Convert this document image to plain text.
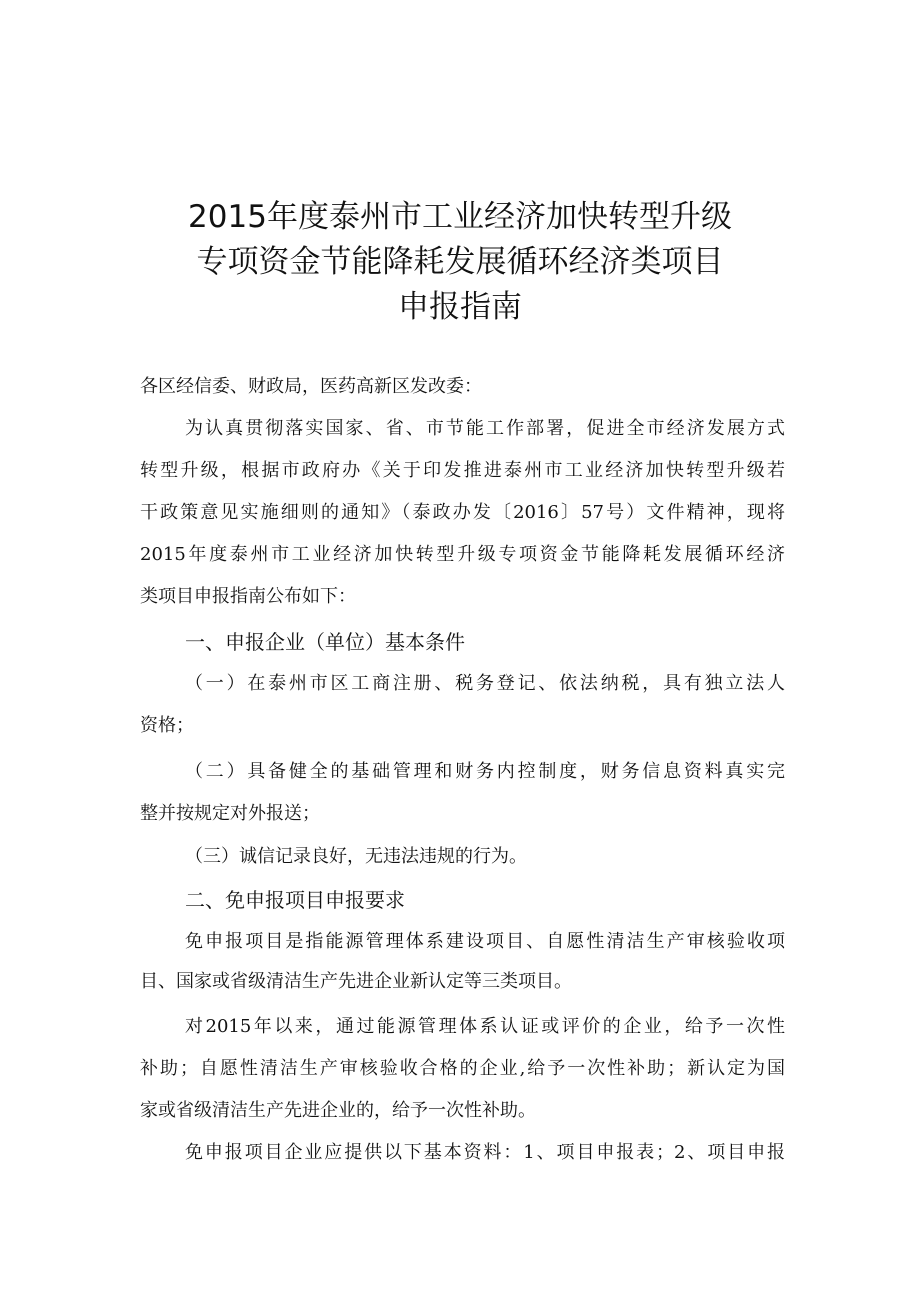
2015年度泰州市工业经济加快转型升级
专项资金节能降耗发展循环经济类项目
申报指南
各区经信委、财政局，医药高新区发改委：
为认真贯彻落实国家、省、市节能工作部署，促进全市经济发展方式
转型升级，根据市政府办《关于印发推进泰州市工业经济加快转型升级若
干政策意见实施细则的通知》（泰政办发〔2016〕57号）文件精神，现将
2015年度泰州市工业经济加快转型升级专项资金节能降耗发展循环经济
类项目申报指南公布如下：
一、申报企业（单位）基本条件
（一）在泰州市区工商注册、税务登记、依法纳税，具有独立法人
资格；
（二）具备健全的基础管理和财务内控制度，财务信息资料真实完
整并按规定对外报送；
（三）诚信记录良好，无违法违规的行为。
二、免申报项目申报要求
免申报项目是指能源管理体系建设项目、自愿性清洁生产审核验收项
目、国家或省级清洁生产先进企业新认定等三类项目。
对2015年以来，通过能源管理体系认证或评价的企业，给予一次性
补助；自愿性清洁生产审核验收合格的企业,给予一次性补助；新认定为国
家或省级清洁生产先进企业的，给予一次性补助。
免申报项目企业应提供以下基本资料：1、项目申报表；2、项目申报
